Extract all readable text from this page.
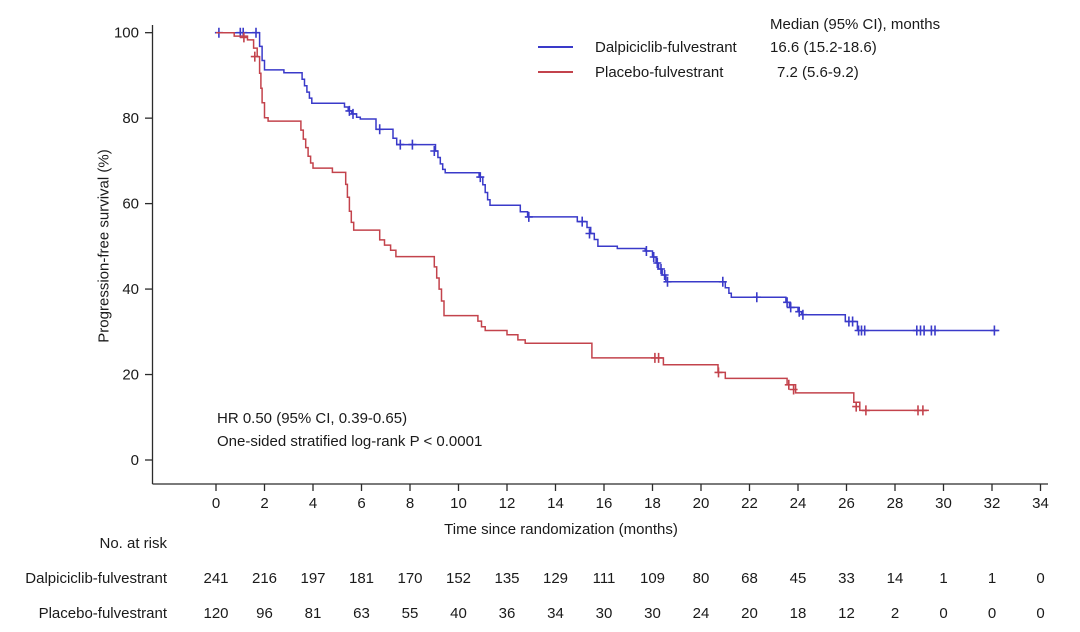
0
20
40
60
80
100
0	2	4	6	8 10 12 14 16 18 20 22 24 26 28 30 32 34
No. at risk
Dalpiciclib-fulvestrant 241 216 197 181 170 152 135 129 111 109 80 68 45 33 14 1	1	0
Placebo-fulvestrant 120 96 81 63 55 40 36 34 30 30 24 20 18 12 2	0	0	0
Progression-free survival (%)
Time since randomization (months)
Dalpiciclib-fulvestrant
Placebo-fulvestrant
Median (95% CI), months
16.6 (15.2-18.6)
7.2 (5.6-9.2)
HR 0.50 (95% CI, 0.39-0.65)
One-sided stratified log-rank P < 0.0001
